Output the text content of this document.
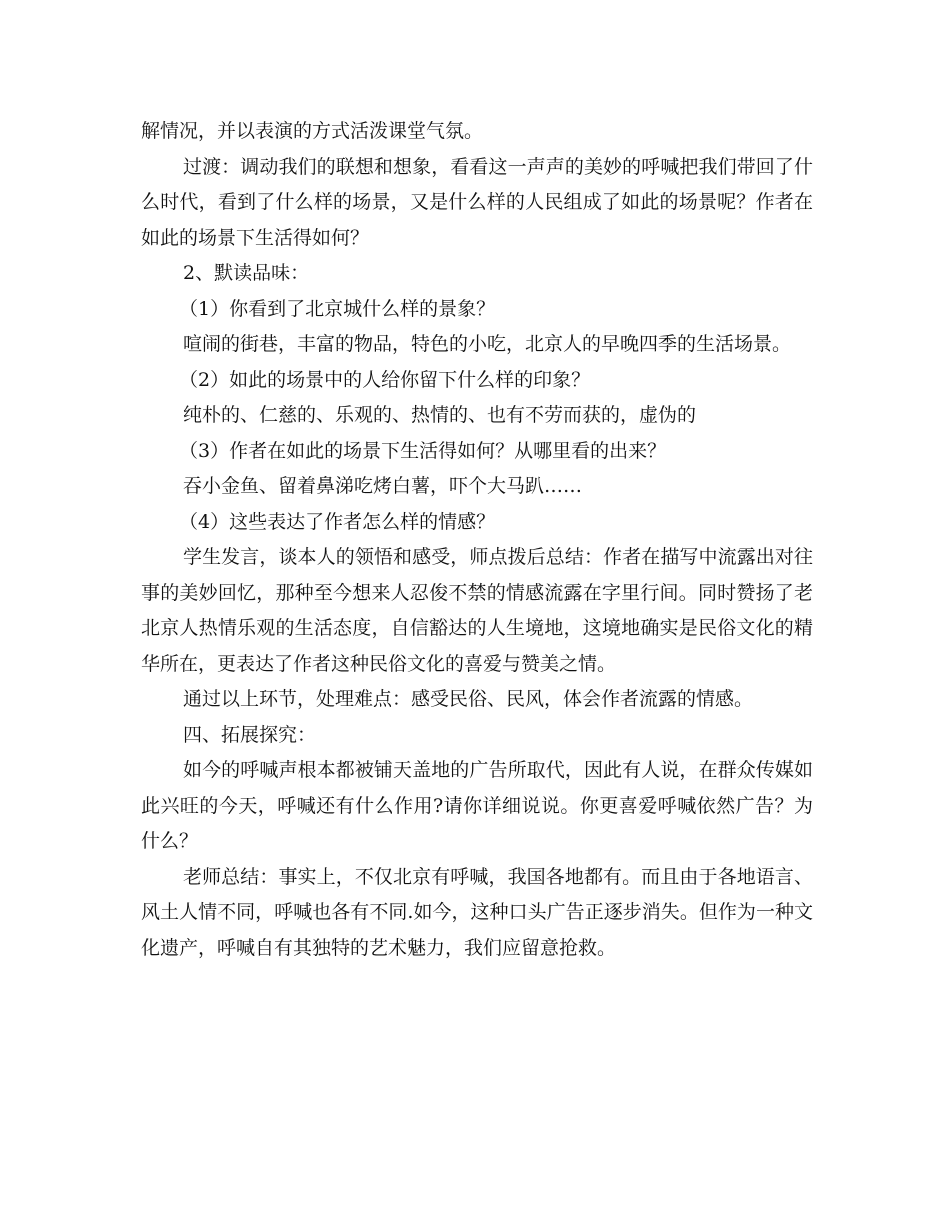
解情况，并以表演的方式活泼课堂气氛。

过渡：调动我们的联想和想象，看看这一声声的美妙的呼喊把我们带回了什么时代，看到了什么样的场景，又是什么样的人民组成了如此的场景呢？作者在如此的场景下生活得如何？

2、默读品味：

（1）你看到了北京城什么样的景象？

喧闹的街巷，丰富的物品，特色的小吃，北京人的早晚四季的生活场景。

（2）如此的场景中的人给你留下什么样的印象？

纯朴的、仁慈的、乐观的、热情的、也有不劳而获的，虚伪的

（3）作者在如此的场景下生活得如何？从哪里看的出来？

吞小金鱼、留着鼻涕吃烤白薯，吓个大马趴……

（4）这些表达了作者怎么样的情感？

学生发言，谈本人的领悟和感受，师点拨后总结：作者在描写中流露出对往事的美妙回忆，那种至今想来人忍俊不禁的情感流露在字里行间。同时赞扬了老北京人热情乐观的生活态度，自信豁达的人生境地，这境地确实是民俗文化的精华所在，更表达了作者这种民俗文化的喜爱与赞美之情。

通过以上环节，处理难点：感受民俗、民风，体会作者流露的情感。

四、拓展探究：

如今的呼喊声根本都被铺天盖地的广告所取代，因此有人说，在群众传媒如此兴旺的今天，呼喊还有什么作用?请你详细说说。你更喜爱呼喊依然广告？为什么？

老师总结：事实上，不仅北京有呼喊，我国各地都有。而且由于各地语言、风土人情不同，呼喊也各有不同.如今，这种口头广告正逐步消失。但作为一种文化遗产，呼喊自有其独特的艺术魅力，我们应留意抢救。
